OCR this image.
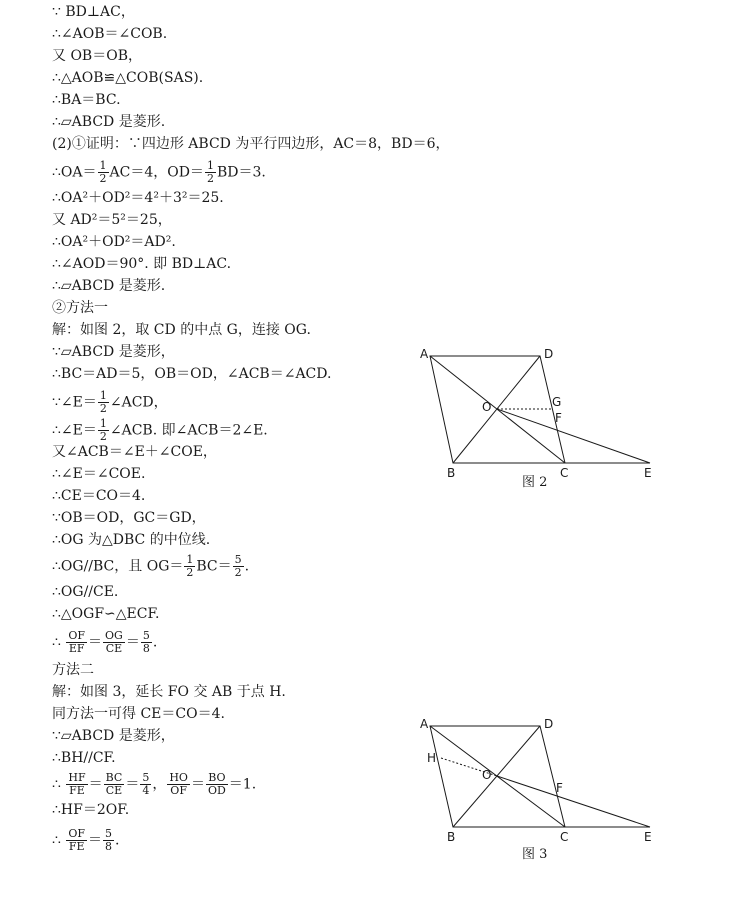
∵ BD⊥AC，
∴∠AOB＝∠COB.
又 OB＝OB，
∴△AOB≌△COB(SAS).
∴BA＝BC.
∴▱ABCD 是菱形.
(2)①证明：∵四边形 ABCD 为平行四边形，AC＝8，BD＝6，
∴OA＝ $\frac{1}{2} AC=4$，$OD= \frac{1}{2} BD=3$.
∴OA²＋OD²＝4²＋3²＝25.
又 AD²＝5²＝25，
∴OA²＋OD²＝AD².
∴∠AOD＝90°. 即 BD⊥AC.
∴▱ABCD 是菱形.
②方法一
解：如图 2，取 CD 的中点 G，连接 OG.
∵▱ABCD 是菱形，
∴BC＝AD＝5，OB＝OD，∠ACB＝∠ACD.
∵∠E＝ $\frac{1}{2}$ ∠ACD，
∴∠E＝ $\frac{1}{2}$ ∠ACB. 即∠ACB＝2∠E.
又∠ACB＝∠E＋∠COE，
∴∠E＝∠COE.
∴CE＝CO＝4.
∵OB＝OD，GC＝GD，
∴OG 为△DBC 的中位线.
∴OG//BC，且 $OG= \frac{1}{2} BC= \frac{5}{2}$ .
∴OG//CE.
∴△OGF∽△ECF.
∴ $\frac{OF}{EF} = \frac{OG}{CE} = \frac{5}{8}$ .
方法二
解：如图 3，延长 FO 交 AB 于点 H.
同方法一可得 CE＝CO＝4.
∵▱ABCD 是菱形，
∴BH//CF.
∴ $\frac{HF}{FE} = \frac{BC}{CE} = \frac{5}{4}$ ， $\frac{HO}{OF} = \frac{BO}{OD} =1$.
∴HF＝2OF.
∴ $\frac{OF}{FE} = \frac{5}{8}$ .
A	D
B	C	E
O	G
F
图 2
A	D
B	C	E
O
H
F
图 3
